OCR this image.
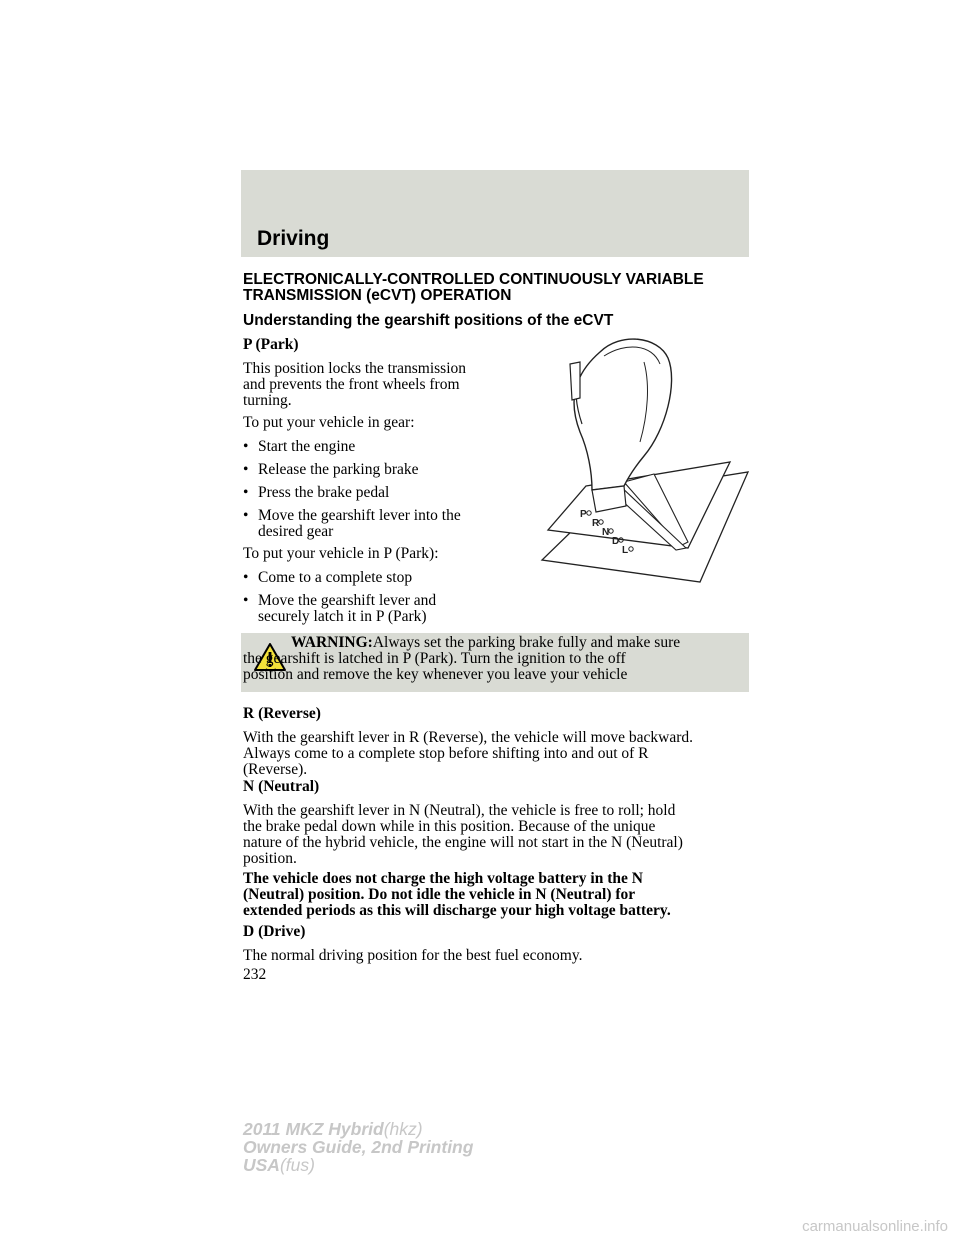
Driving
ELECTRONICALLY-CONTROLLED CONTINUOUSLY VARIABLE
TRANSMISSION (eCVT) OPERATION
Understanding the gearshift positions of the eCVT
P (Park)
This position locks the transmission
and prevents the front wheels from
turning.
To put your vehicle in gear:
• Start the engine
• Release the parking brake
• Press the brake pedal
• Move the gearshift lever into the
desired gear
To put your vehicle in P (Park):
• Come to a complete stop
• Move the gearshift lever and
securely latch it in P (Park)
P
R
N
D
L
WARNING:Always set the parking brake fully and make sure
the gearshift is latched in P (Park). Turn the ignition to the off
position and remove the key whenever you leave your vehicle
R (Reverse)
With the gearshift lever in R (Reverse), the vehicle will move backward.
Always come to a complete stop before shifting into and out of R
(Reverse).
N (Neutral)
With the gearshift lever in N (Neutral), the vehicle is free to roll; hold
the brake pedal down while in this position. Because of the unique
nature of the hybrid vehicle, the engine will not start in the N (Neutral)
position.
The vehicle does not charge the high voltage battery in the N
(Neutral) position. Do not idle the vehicle in N (Neutral) for
extended periods as this will discharge your high voltage battery.
D (Drive)
The normal driving position for the best fuel economy.
232
2011 MKZ Hybrid(hkz)
Owners Guide, 2nd Printing
USA(fus)
carmanualsonline.info
